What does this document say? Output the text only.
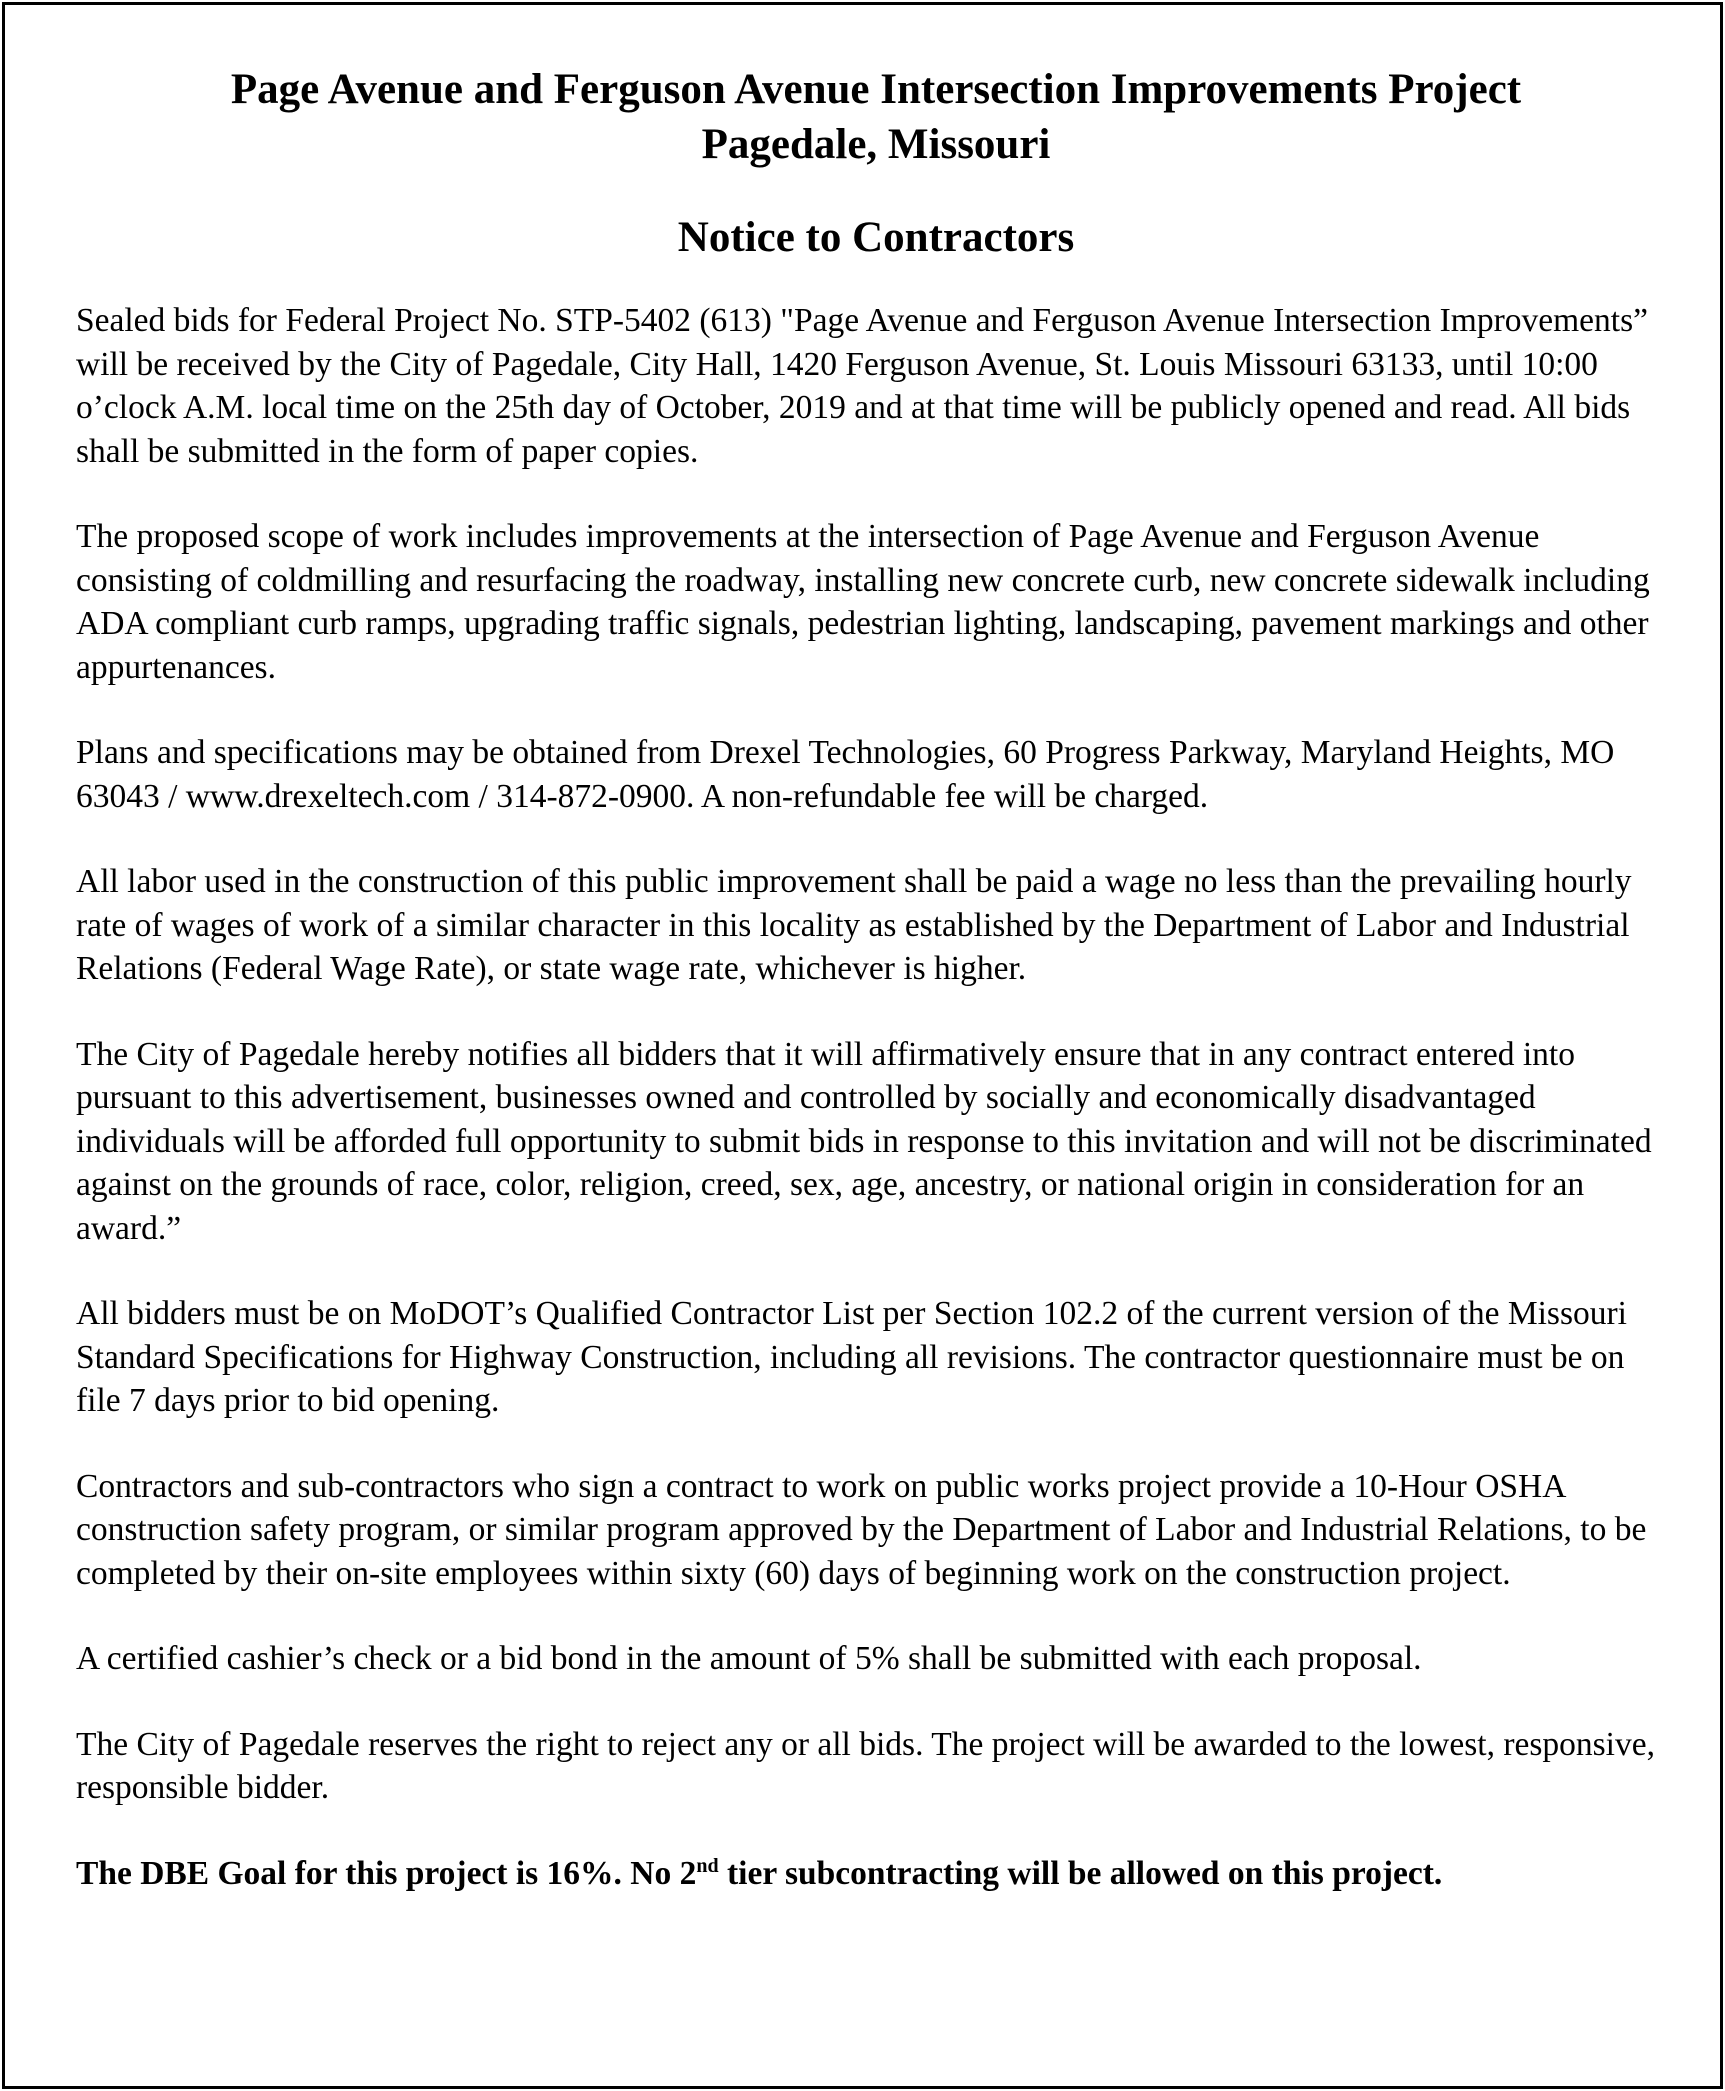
Page Avenue and Ferguson Avenue Intersection Improvements Project
Pagedale, Missouri
Notice to Contractors

Sealed bids for Federal Project No. STP-5402 (613) "Page Avenue and Ferguson Avenue Intersection Improvements” will be received by the City of Pagedale, City Hall, 1420 Ferguson Avenue, St. Louis Missouri 63133, until 10:00 o’clock A.M. local time on the 25th day of October, 2019 and at that time will be publicly opened and read. All bids shall be submitted in the form of paper copies.

The proposed scope of work includes improvements at the intersection of Page Avenue and Ferguson Avenue consisting of coldmilling and resurfacing the roadway, installing new concrete curb, new concrete sidewalk including ADA compliant curb ramps, upgrading traffic signals, pedestrian lighting, landscaping, pavement markings and other appurtenances.

Plans and specifications may be obtained from Drexel Technologies, 60 Progress Parkway, Maryland Heights, MO 63043 / www.drexeltech.com / 314-872-0900. A non-refundable fee will be charged.

All labor used in the construction of this public improvement shall be paid a wage no less than the prevailing hourly rate of wages of work of a similar character in this locality as established by the Department of Labor and Industrial Relations (Federal Wage Rate), or state wage rate, whichever is higher.

The City of Pagedale hereby notifies all bidders that it will affirmatively ensure that in any contract entered into pursuant to this advertisement, businesses owned and controlled by socially and economically disadvantaged individuals will be afforded full opportunity to submit bids in response to this invitation and will not be discriminated against on the grounds of race, color, religion, creed, sex, age, ancestry, or national origin in consideration for an award.”

All bidders must be on MoDOT’s Qualified Contractor List per Section 102.2 of the current version of the Missouri Standard Specifications for Highway Construction, including all revisions. The contractor questionnaire must be on file 7 days prior to bid opening.

Contractors and sub-contractors who sign a contract to work on public works project provide a 10-Hour OSHA construction safety program, or similar program approved by the Department of Labor and Industrial Relations, to be completed by their on-site employees within sixty (60) days of beginning work on the construction project.

A certified cashier’s check or a bid bond in the amount of 5% shall be submitted with each proposal.

The City of Pagedale reserves the right to reject any or all bids. The project will be awarded to the lowest, responsive, responsible bidder.

The DBE Goal for this project is 16%. No 2nd tier subcontracting will be allowed on this project.
